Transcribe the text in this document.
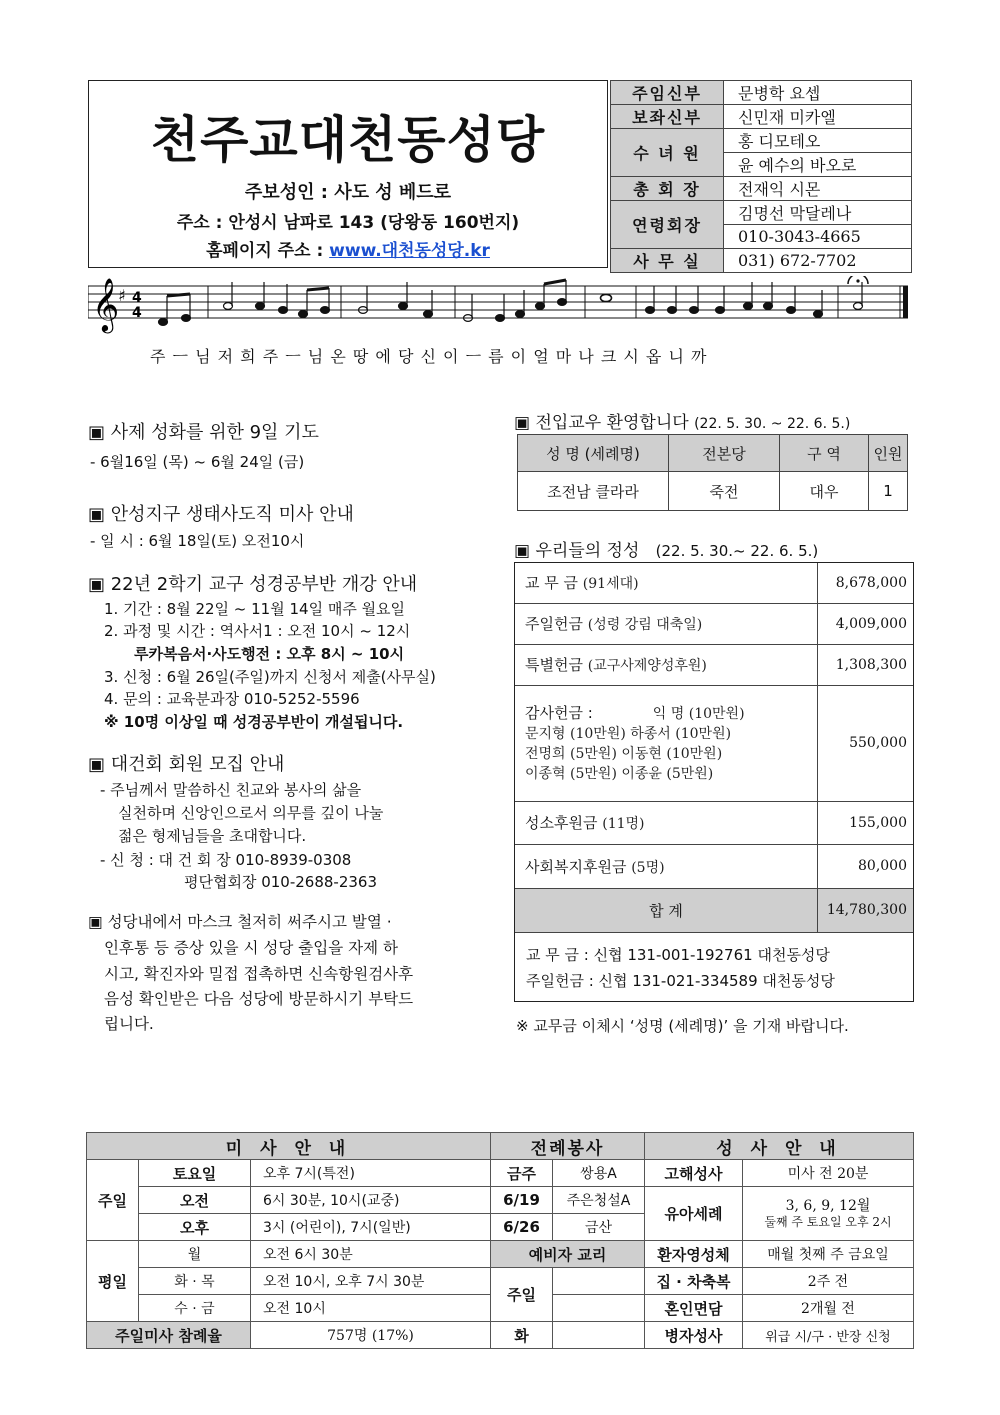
천주교대천동성당
주보성인 : 사도 성 베드로
주소 : 안성시 남파로 143 (당왕동 160번지)
홈페이지 주소 : www.대천동성당.kr
주임신부	문병학 요셉
보좌신부	신민재 미카엘
수 녀 원	홍 디모테오
	윤 예수의 바오로
총 회 장	전재익 시몬
연령회장	김명선 막달레나
	010-3043-4665
사 무 실	031) 672-7702
𝄞
♯ 4
4
주 ㅡ 님 저 희 주 ㅡ 님 온 땅 에 당 신 이 ㅡ 름 이 얼 마 나 크 시 옵 니 까
▣ 사제 성화를 위한 9일 기도
- 6월16일 (목) ~ 6월 24일 (금)
▣ 안성지구 생태사도직 미사 안내
- 일 시 : 6월 18일(토) 오전10시
▣ 22년 2학기 교구 성경공부반 개강 안내
1. 기간 : 8월 22일 ~ 11월 14일 매주 월요일
2. 과정 및 시간 : 역사서1 : 오전 10시 ~ 12시
루카복음서·사도행전 : 오후 8시 ~ 10시
3. 신청 : 6월 26일(주일)까지 신청서 제출(사무실)
4. 문의 : 교육분과장 010-5252-5596
※ 10명 이상일 때 성경공부반이 개설됩니다.
▣ 대건회 회원 모집 안내
- 주님께서 말씀하신 친교와 봉사의 삶을
실천하며 신앙인으로서 의무를 깊이 나눌
젊은 형제님들을 초대합니다.
- 신 청 : 대 건 회 장 010-8939-0308
평단협회장 010-2688-2363
▣ 성당내에서 마스크 철저히 써주시고 발열 ·
인후통 등 증상 있을 시 성당 출입을 자제 하
시고, 확진자와 밀접 접촉하면 신속항원검사후
음성 확인받은 다음 성당에 방문하시기 부탁드
립니다.
▣ 전입교우 환영합니다 (22. 5. 30. ~ 22. 6. 5.)
성 명 (세례명)	전본당	구 역	인원
조전남 클라라	죽전	대우	1
▣ 우리들의 정성 (22. 5. 30.~ 22. 6. 5.)
교 무 금 (91세대)	8,678,000
주일헌금 (성령 강림 대축일)	4,009,000
특별헌금 (교구사제양성후원)	1,308,300

감사헌금 : 익 명 (10만원)
문지형 (10만원) 하종서 (10만원)
전명희 (5만원) 이동현 (10만원)
이종혁 (5만원) 이종윤 (5만원)	550,000
성소후원금 (11명)	155,000
사회복지후원금 (5명)	80,000
합 계	14,780,300
교 무 금 : 신협 131-001-192761 대천동성당
주일헌금 : 신협 131-021-334589 대천동성당
※ 교무금 이체시 ‘성명 (세례명)’ 을 기재 바랍니다.
미 사 안 내			전례봉사		성 사 안 내	
주일	토요일	오후 7시(특전)	금주	쌍용A	고해성사	미사 전 20분
	오전	6시 30분, 10시(교중)	6/19	주은청설A	유아세례	3, 6, 9, 12월
둘째 주 토요일 오후 2시

	오후	3시 (어린이), 7시(일반)	6/26	금산		
평일	월	오전 6시 30분	예비자 교리		환자영성체	매월 첫째 주 금요일
	화 · 목	오전 10시, 오후 7시 30분	주일		집 · 차축복	2주 전
	수 · 금	오전 10시			혼인면담	2개월 전
주일미사 참례율		757명 (17%)	화		병자성사	위급 시/구 · 반장 신청
